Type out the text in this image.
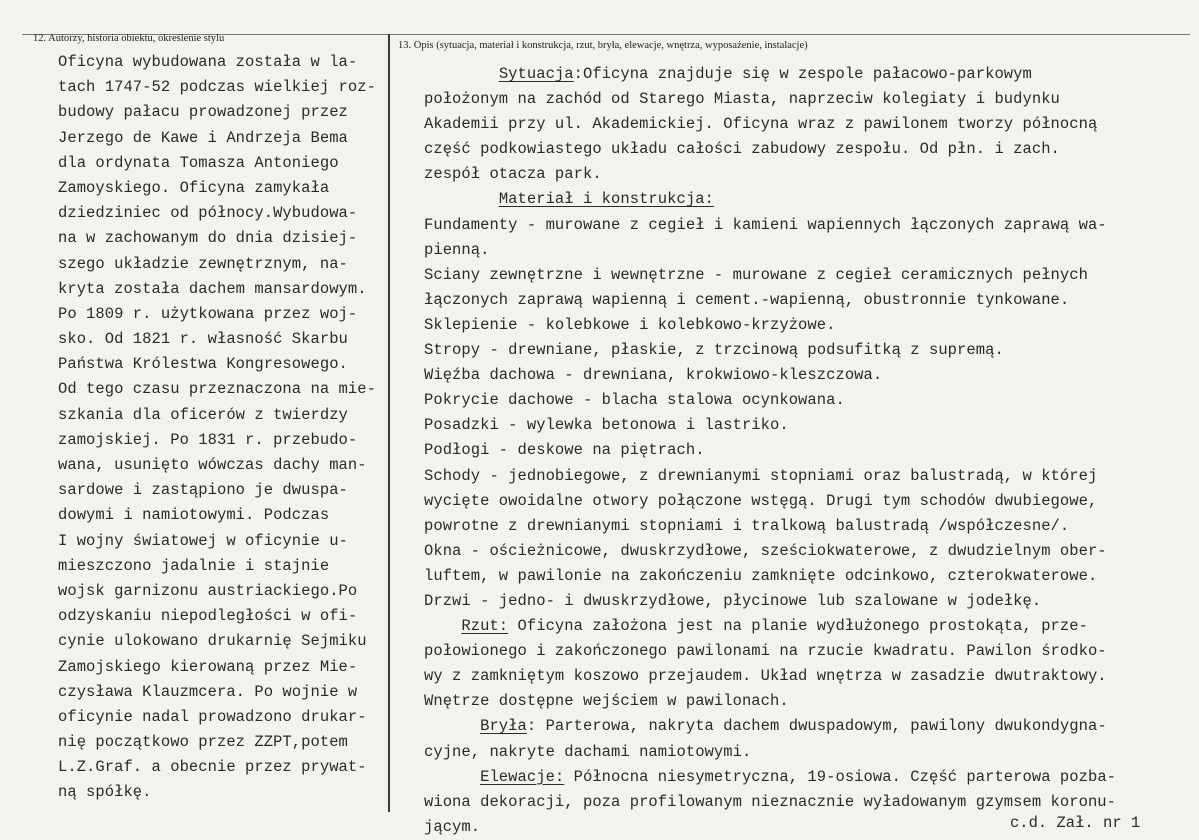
12. Autorzy, historia obiektu, określenie stylu
13. Opis (sytuacja, materiał i konstrukcja, rzut, bryła, elewacje, wnętrza, wyposażenie, instalacje)
Oficyna wybudowana została w la-
tach 1747-52 podczas wielkiej roz-
budowy pałacu prowadzonej przez
Jerzego de Kawe i Andrzeja Bema
dla ordynata Tomasza Antoniego
Zamoyskiego. Oficyna zamykała
dziedziniec od północy.Wybudowa-
na w zachowanym do dnia dzisiej-
szego układzie zewnętrznym, na-
kryta została dachem mansardowym.
Po 1809 r. użytkowana przez woj-
sko. Od 1821 r. własność Skarbu
Państwa Królestwa Kongresowego.
Od tego czasu przeznaczona na mie-
szkania dla oficerów z twierdzy
zamojskiej. Po 1831 r. przebudo-
wana, usunięto wówczas dachy man-
sardowe i zastąpiono je dwuspa-
dowymi i namiotowymi. Podczas
I wojny światowej w oficynie u-
mieszczono jadalnie i stajnie
wojsk garnizonu austriackiego.Po
odzyskaniu niepodległości w ofi-
cynie ulokowano drukarnię Sejmiku
Zamojskiego kierowaną przez Mie-
czysława Klauzmcera. Po wojnie w
oficynie nadal prowadzono drukar-
nię początkowo przez ZZPT,potem
L.Z.Graf. a obecnie przez prywat-
ną spółkę.
Sytuacja:Oficyna znajduje się w zespole pałacowo-parkowym
położonym na zachód od Starego Miasta, naprzeciw kolegiaty i budynku
Akademii przy ul. Akademickiej. Oficyna wraz z pawilonem tworzy północną
część podkowiastego układu całości zabudowy zespołu. Od płn. i zach.
zespół otacza park.
Materiał i konstrukcja:
Fundamenty - murowane z cegieł i kamieni wapiennych łączonych zaprawą wa-
pienną.
Sciany zewnętrzne i wewnętrzne - murowane z cegieł ceramicznych pełnych
łączonych zaprawą wapienną i cement.-wapienną, obustronnie tynkowane.
Sklepienie - kolebkowe i kolebkowo-krzyżowe.
Stropy - drewniane, płaskie, z trzcinową podsufitką z supremą.
Więźba dachowa - drewniana, krokwiowo-kleszczowa.
Pokrycie dachowe - blacha stalowa ocynkowana.
Posadzki - wylewka betonowa i lastriko.
Podłogi - deskowe na piętrach.
Schody - jednobiegowe, z drewnianymi stopniami oraz balustradą, w której
wycięte owoidalne otwory połączone wstęgą. Drugi tym schodów dwubiegowe,
powrotne z drewnianymi stopniami i tralkową balustradą /współczesne/.
Okna - ościeżnicowe, dwuskrzydłowe, sześciokwaterowe, z dwudzielnym ober-
luftem, w pawilonie na zakończeniu zamknięte odcinkowo, czterokwaterowe.
Drzwi - jedno- i dwuskrzydłowe, płycinowe lub szalowane w jodełkę.
Rzut: Oficyna założona jest na planie wydłużonego prostokąta, prze-
połowionego i zakończonego pawilonami na rzucie kwadratu. Pawilon środko-
wy z zamkniętym koszowo przejaudem. Układ wnętrza w zasadzie dwutraktowy.
Wnętrze dostępne wejściem w pawilonach.
Bryła: Parterowa, nakryta dachem dwuspadowym, pawilony dwukondygna-
cyjne, nakryte dachami namiotowymi.
Elewacje: Północna niesymetryczna, 19-osiowa. Część parterowa pozba-
wiona dekoracji, poza profilowanym nieznacznie wyładowanym gzymsem koronu-
jącym.	c.d. Zał. nr 1
